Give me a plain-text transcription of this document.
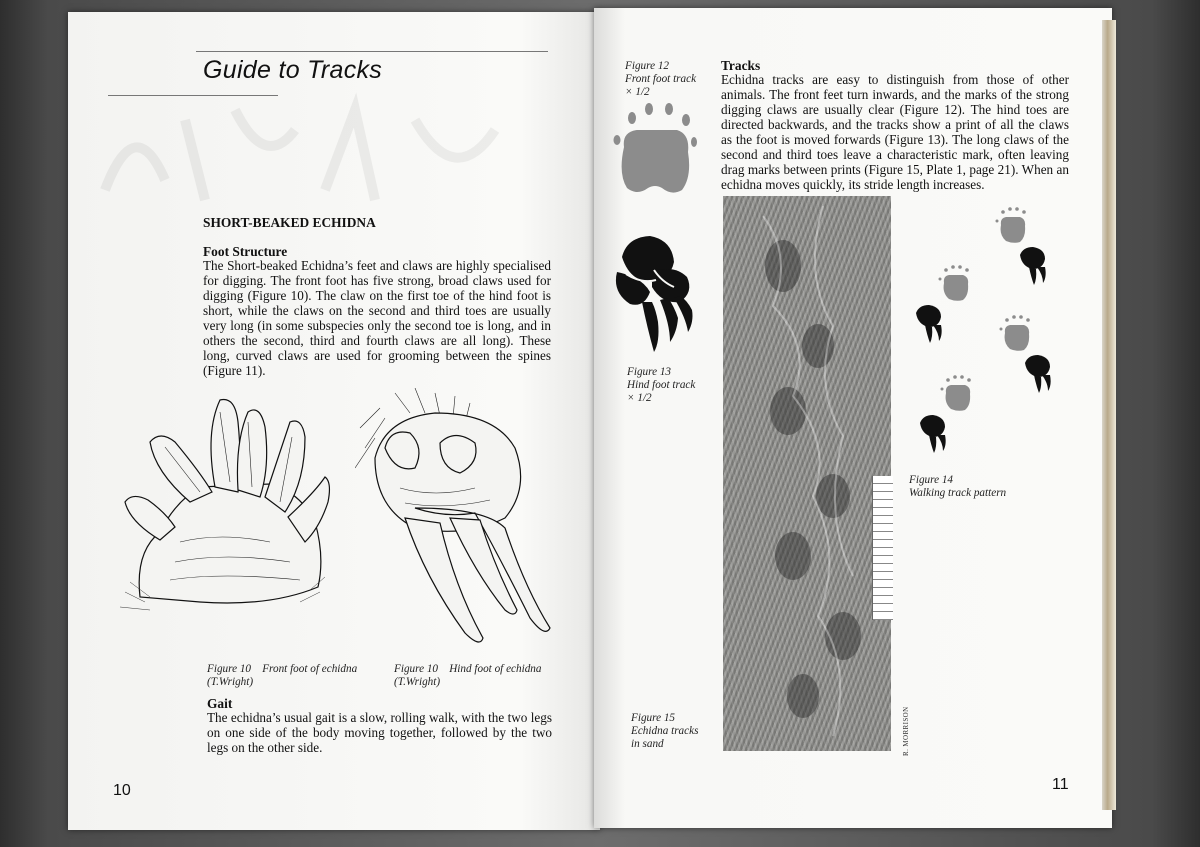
Guide to Tracks
SHORT-BEAKED ECHIDNA
Foot Structure
The Short-beaked Echidna’s feet and claws are highly specialised for digging. The front foot has five strong, broad claws used for digging (Figure 10). The claw on the first toe of the hind foot is short, while the claws on the second and third toes are usually very long (in some subspecies only the second toe is long, and in others the second, third and fourth claws are all long). These long, curved claws are used for grooming between the spines (Figure 11).
Figure 10    Front foot of echidna
(T.Wright)
Figure 10    Hind foot of echidna
(T.Wright)
Gait
The echidna’s usual gait is a slow, rolling walk, with the two legs on one side of the body moving together, followed by the two legs on the other side.
10
Figure 12
Front foot track
× 1/2
Figure 13
Hind foot track
× 1/2
Tracks
Echidna tracks are easy to distinguish from those of other animals. The front feet turn inwards, and the marks of the strong digging claws are usually clear (Figure 12). The hind toes are directed backwards, and the tracks show a print of all the claws as the foot is moved forwards (Figure 13). The long claws of the second and third toes leave a characteristic mark, often leaving drag marks between prints (Figure 15, Plate 1, page 21). When an echidna moves quickly, its stride length increases.
R. MORRISON
Figure 14
Walking track pattern
Figure 15
Echidna tracks
in sand
11
